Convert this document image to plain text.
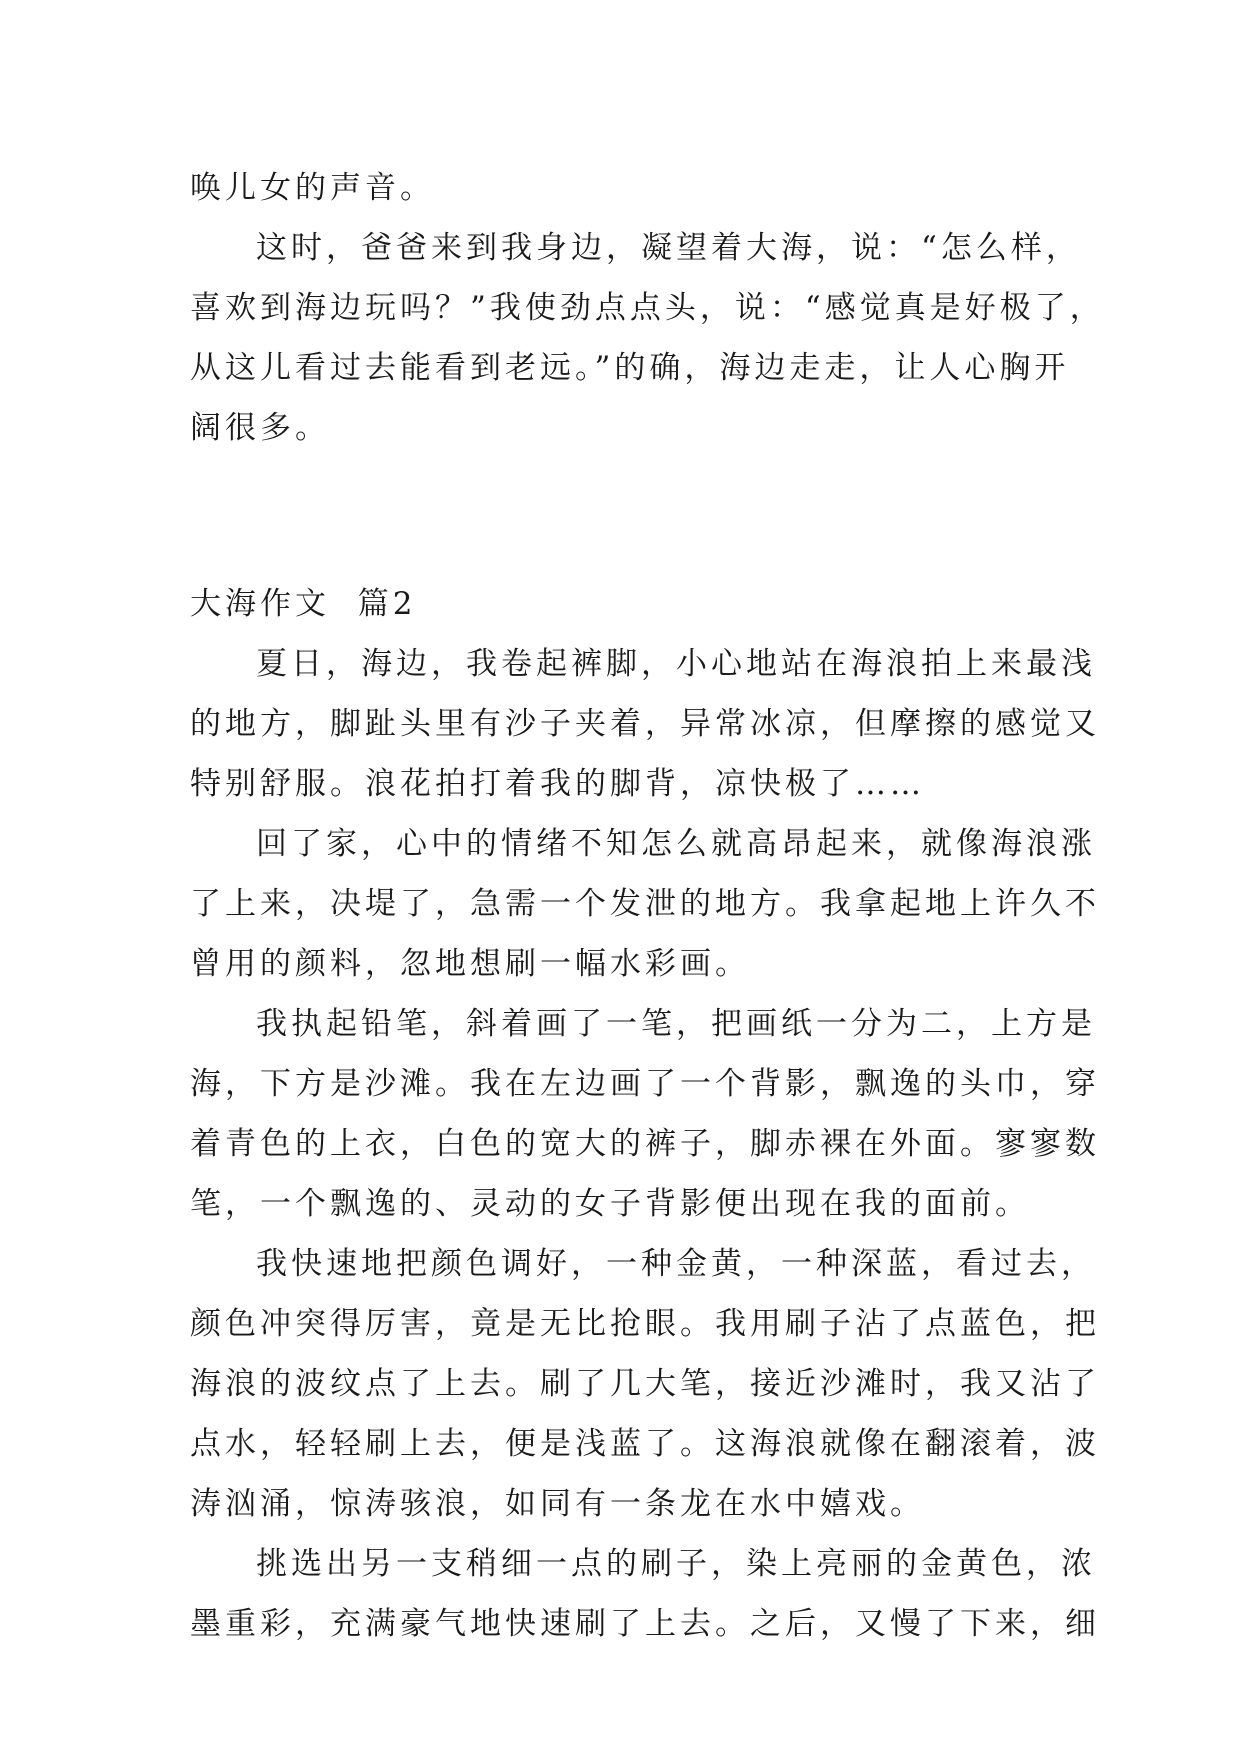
唤儿女的声音。
这时，爸爸来到我身边，凝望着大海，说：“怎么样，
喜欢到海边玩吗？”我使劲点点头，说：“感觉真是好极了，
从这儿看过去能看到老远。”的确，海边走走，让人心胸开
阔很多。
大海作文  篇2
夏日，海边，我卷起裤脚，小心地站在海浪拍上来最浅
的地方，脚趾头里有沙子夹着，异常冰凉，但摩擦的感觉又
特别舒服。浪花拍打着我的脚背，凉快极了……
回了家，心中的情绪不知怎么就高昂起来，就像海浪涨
了上来，决堤了，急需一个发泄的地方。我拿起地上许久不
曾用的颜料，忽地想刷一幅水彩画。
我执起铅笔，斜着画了一笔，把画纸一分为二，上方是
海，下方是沙滩。我在左边画了一个背影，飘逸的头巾，穿
着青色的上衣，白色的宽大的裤子，脚赤裸在外面。寥寥数
笔，一个飘逸的、灵动的女子背影便出现在我的面前。
我快速地把颜色调好，一种金黄，一种深蓝，看过去，
颜色冲突得厉害，竟是无比抢眼。我用刷子沾了点蓝色，把
海浪的波纹点了上去。刷了几大笔，接近沙滩时，我又沾了
点水，轻轻刷上去，便是浅蓝了。这海浪就像在翻滚着，波
涛汹涌，惊涛骇浪，如同有一条龙在水中嬉戏。
挑选出另一支稍细一点的刷子，染上亮丽的金黄色，浓
墨重彩，充满豪气地快速刷了上去。之后，又慢了下来，细
